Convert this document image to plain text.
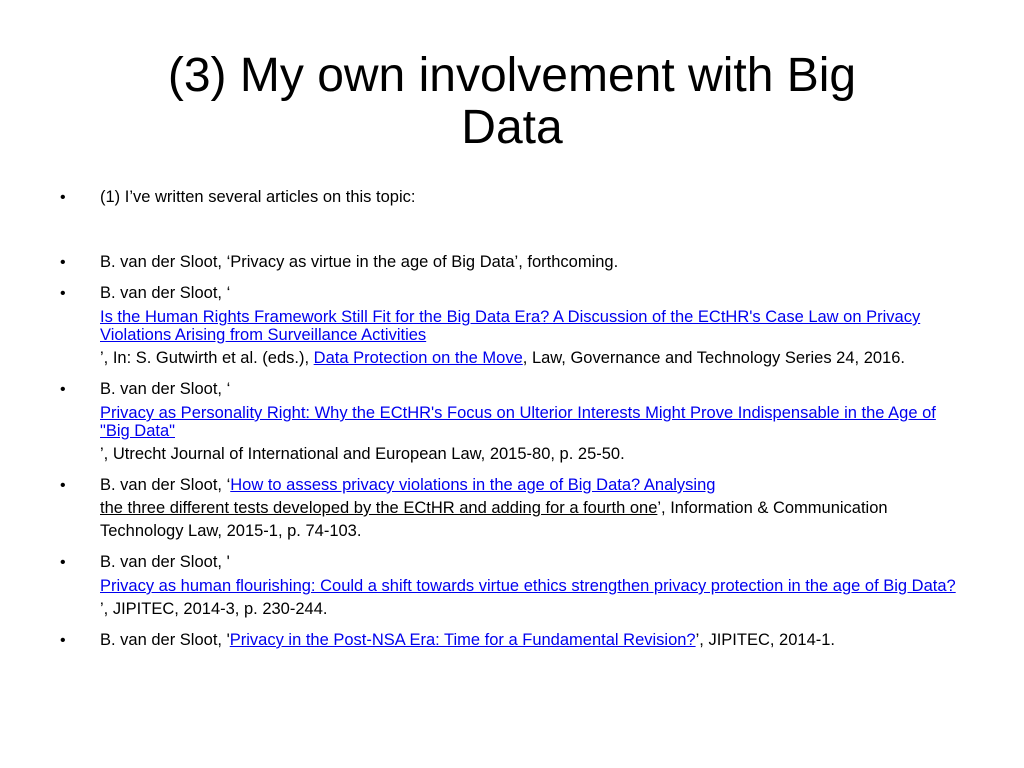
(3) My own involvement with Big
Data
• (1) I’ve written several articles on this topic:
• B. van der Sloot, ‘Privacy as virtue in the age of Big Data’, forthcoming.
• B. van der Sloot, ‘
Is the Human Rights Framework Still Fit for the Big Data Era? A Discussion of the ECtHR's Case Law on Privacy Violations Arising from Surveillance Activities
’, In: S. Gutwirth et al. (eds.), Data Protection on the Move, Law, Governance and Technology Series 24, 2016.
• B. van der Sloot, ‘
Privacy as Personality Right: Why the ECtHR's Focus on Ulterior Interests Might Prove Indispensable in the Age of "Big Data"
’, Utrecht Journal of International and European Law, 2015-80, p. 25-50.
• B. van der Sloot, ‘How to assess privacy violations in the age of Big Data? Analysing
the three different tests developed by the ECtHR and adding for a fourth one’, Information & Communication Technology Law, 2015-1, p. 74-103.
• B. van der Sloot, '
Privacy as human flourishing: Could a shift towards virtue ethics strengthen privacy protection in the age of Big Data?
’, JIPITEC, 2014-3, p. 230-244.
• B. van der Sloot, 'Privacy in the Post-NSA Era: Time for a Fundamental Revision?’, JIPITEC, 2014-1.
